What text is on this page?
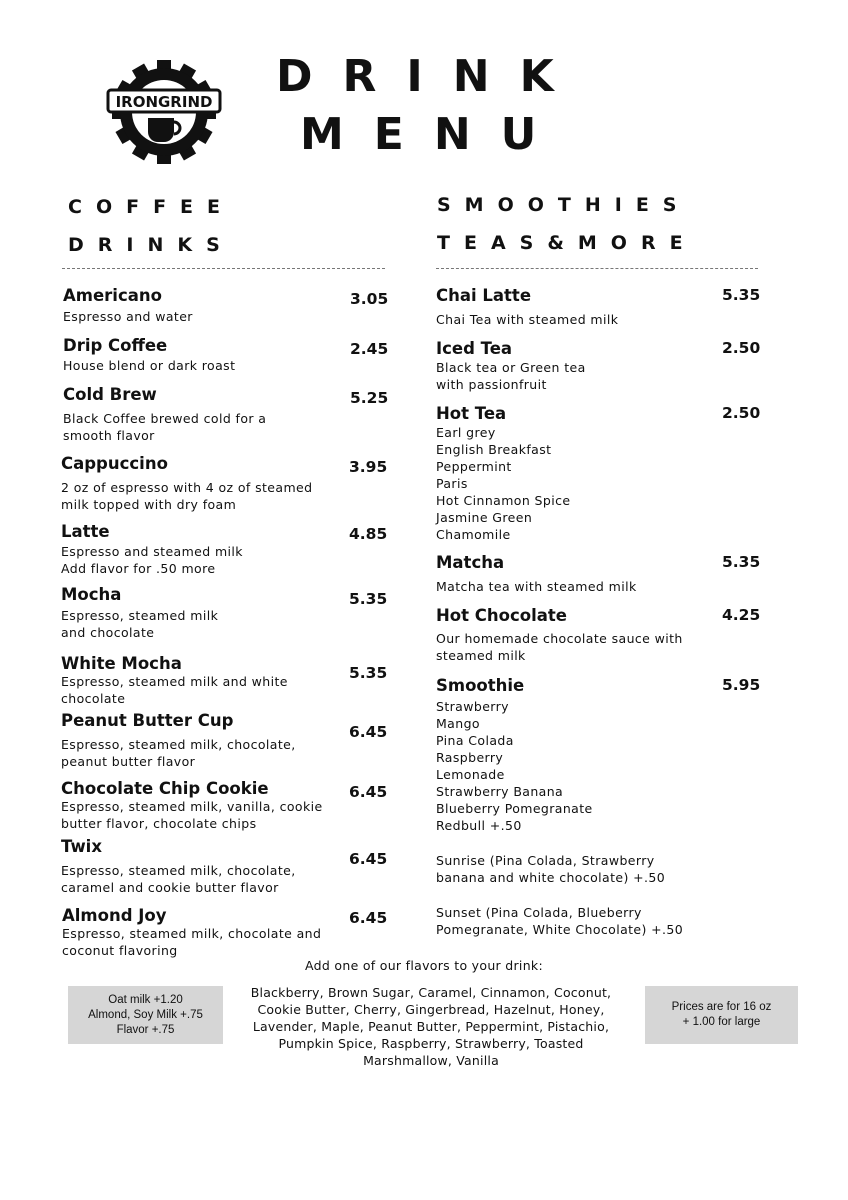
IRONGRIND DRINK
MENU
COFFEE
DRINKS
SMOOTHIES
TEAS&MORE
Americano
Espresso and water
3.05
Drip Coffee
House blend or dark roast
2.45
Cold Brew
Black Coffee brewed cold for a
smooth flavor
5.25
Cappuccino
2 oz of espresso with 4 oz of steamed
milk topped with dry foam
3.95
Latte
Espresso and steamed milk
Add flavor for .50 more
4.85
Mocha
Espresso, steamed milk
and chocolate
5.35
White Mocha
Espresso, steamed milk and white
chocolate
5.35
Peanut Butter Cup
Espresso, steamed milk, chocolate,
peanut butter flavor
6.45
Chocolate Chip Cookie
Espresso, steamed milk, vanilla, cookie
butter flavor, chocolate chips
6.45
Twix
Espresso, steamed milk, chocolate,
caramel and cookie butter flavor
6.45
Almond Joy
Espresso, steamed milk, chocolate and
coconut flavoring
6.45
Chai Latte
Chai Tea with steamed milk
5.35
Iced Tea
Black tea or Green tea
with passionfruit
2.50
Hot Tea
Earl grey
English Breakfast
Peppermint
Paris
Hot Cinnamon Spice
Jasmine Green
Chamomile
2.50
Matcha
Matcha tea with steamed milk
5.35
Hot Chocolate
Our homemade chocolate sauce with
steamed milk
4.25
Smoothie
Strawberry
Mango
Pina Colada
Raspberry
Lemonade
Strawberry Banana
Blueberry Pomegranate
Redbull +.50
5.95
Sunrise (Pina Colada, Strawberry
banana and white chocolate) +.50
Sunset (Pina Colada, Blueberry
Pomegranate, White Chocolate) +.50
Add one of our flavors to your drink:
Blackberry, Brown Sugar, Caramel, Cinnamon, Coconut, Cookie Butter, Cherry, Gingerbread, Hazelnut, Honey, Lavender, Maple, Peanut Butter, Peppermint, Pistachio, Pumpkin Spice, Raspberry, Strawberry, Toasted Marshmallow, Vanilla
Oat milk +1.20
Almond, Soy Milk +.75
Flavor +.75
Prices are for 16 oz
+ 1.00 for large
